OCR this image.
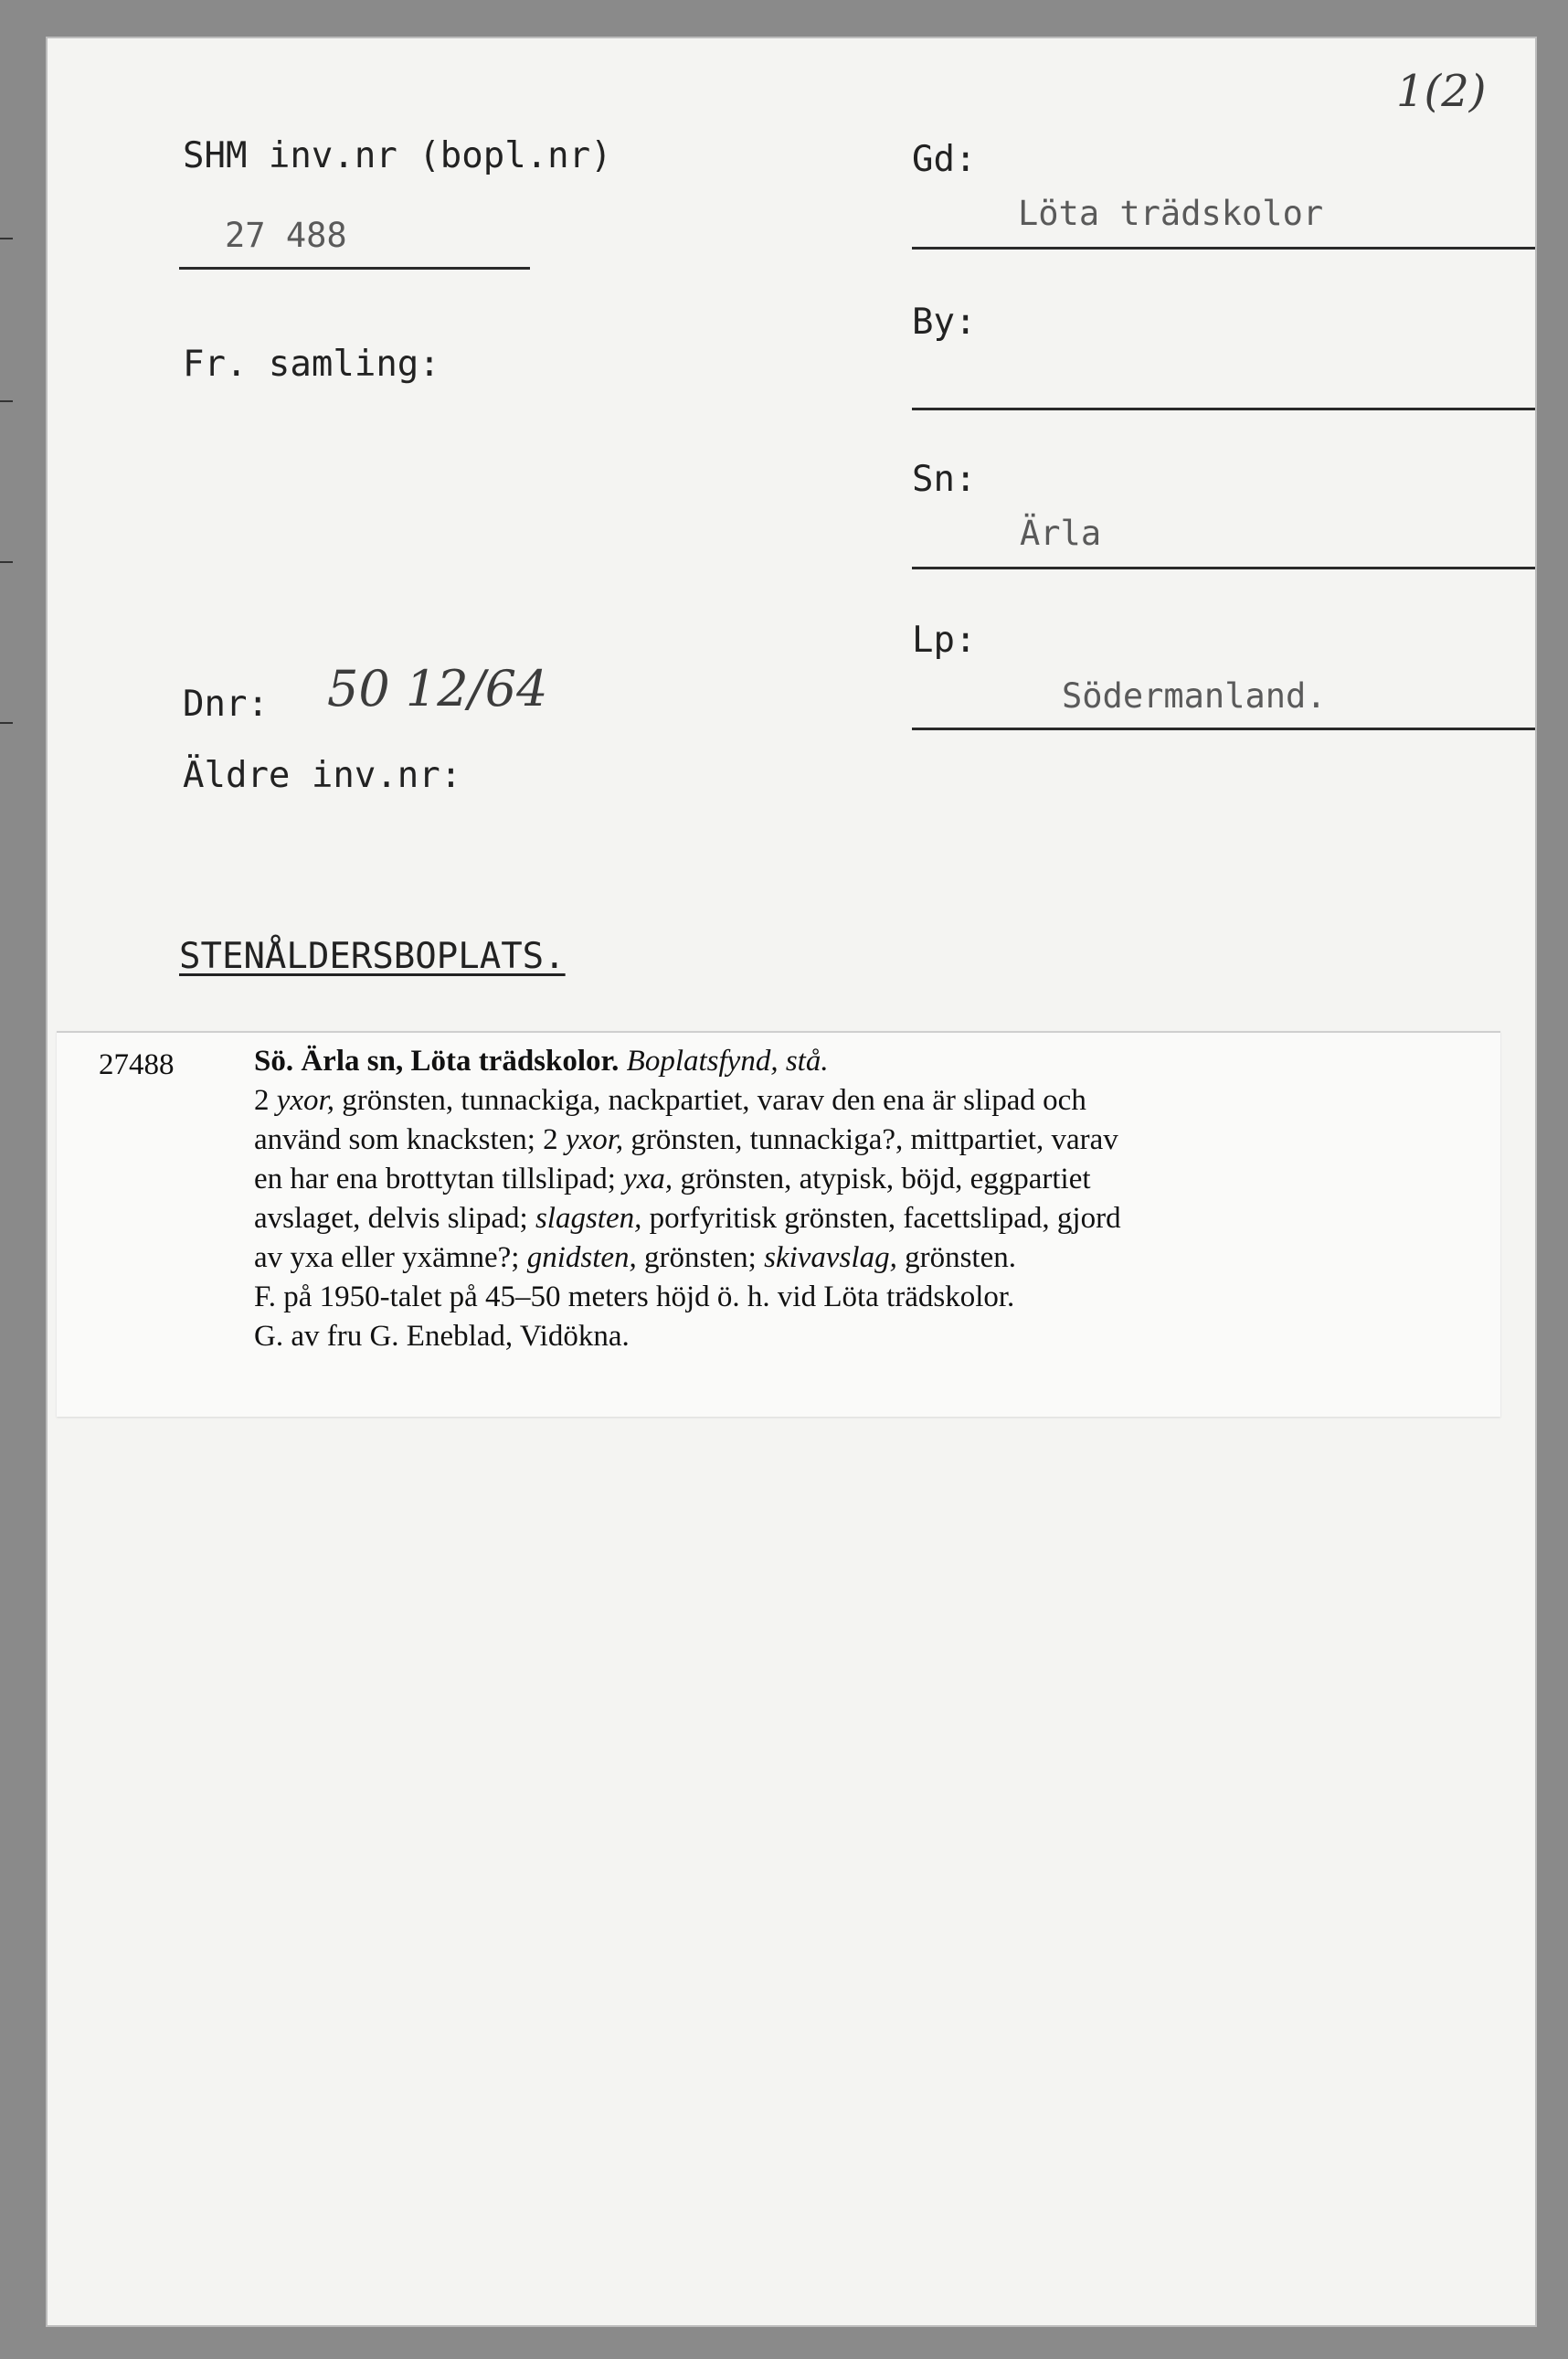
1(2)
SHM inv.nr (bopl.nr)
27 488
Fr. samling:
Dnr: 50 12/64
Äldre inv.nr:
Gd:
Löta trädskolor
By:
Sn:
Ärla
Lp:
Södermanland.
STENÅLDERSBOPLATS.
27488	Sö. Ärla sn, Löta trädskolor. Boplatsfynd, stå.
2 yxor, grönsten, tunnackiga, nackpartiet, varav den ena är slipad och
använd som knacksten; 2 yxor, grönsten, tunnackiga?, mittpartiet, varav
en har ena brottytan tillslipad; yxa, grönsten, atypisk, böjd, eggpartiet
avslaget, delvis slipad; slagsten, porfyritisk grönsten, facettslipad, gjord
av yxa eller yxämne?; gnidsten, grönsten; skivavslag, grönsten.
F. på 1950-talet på 45–50 meters höjd ö. h. vid Löta trädskolor.
G. av fru G. Eneblad, Vidökna.
